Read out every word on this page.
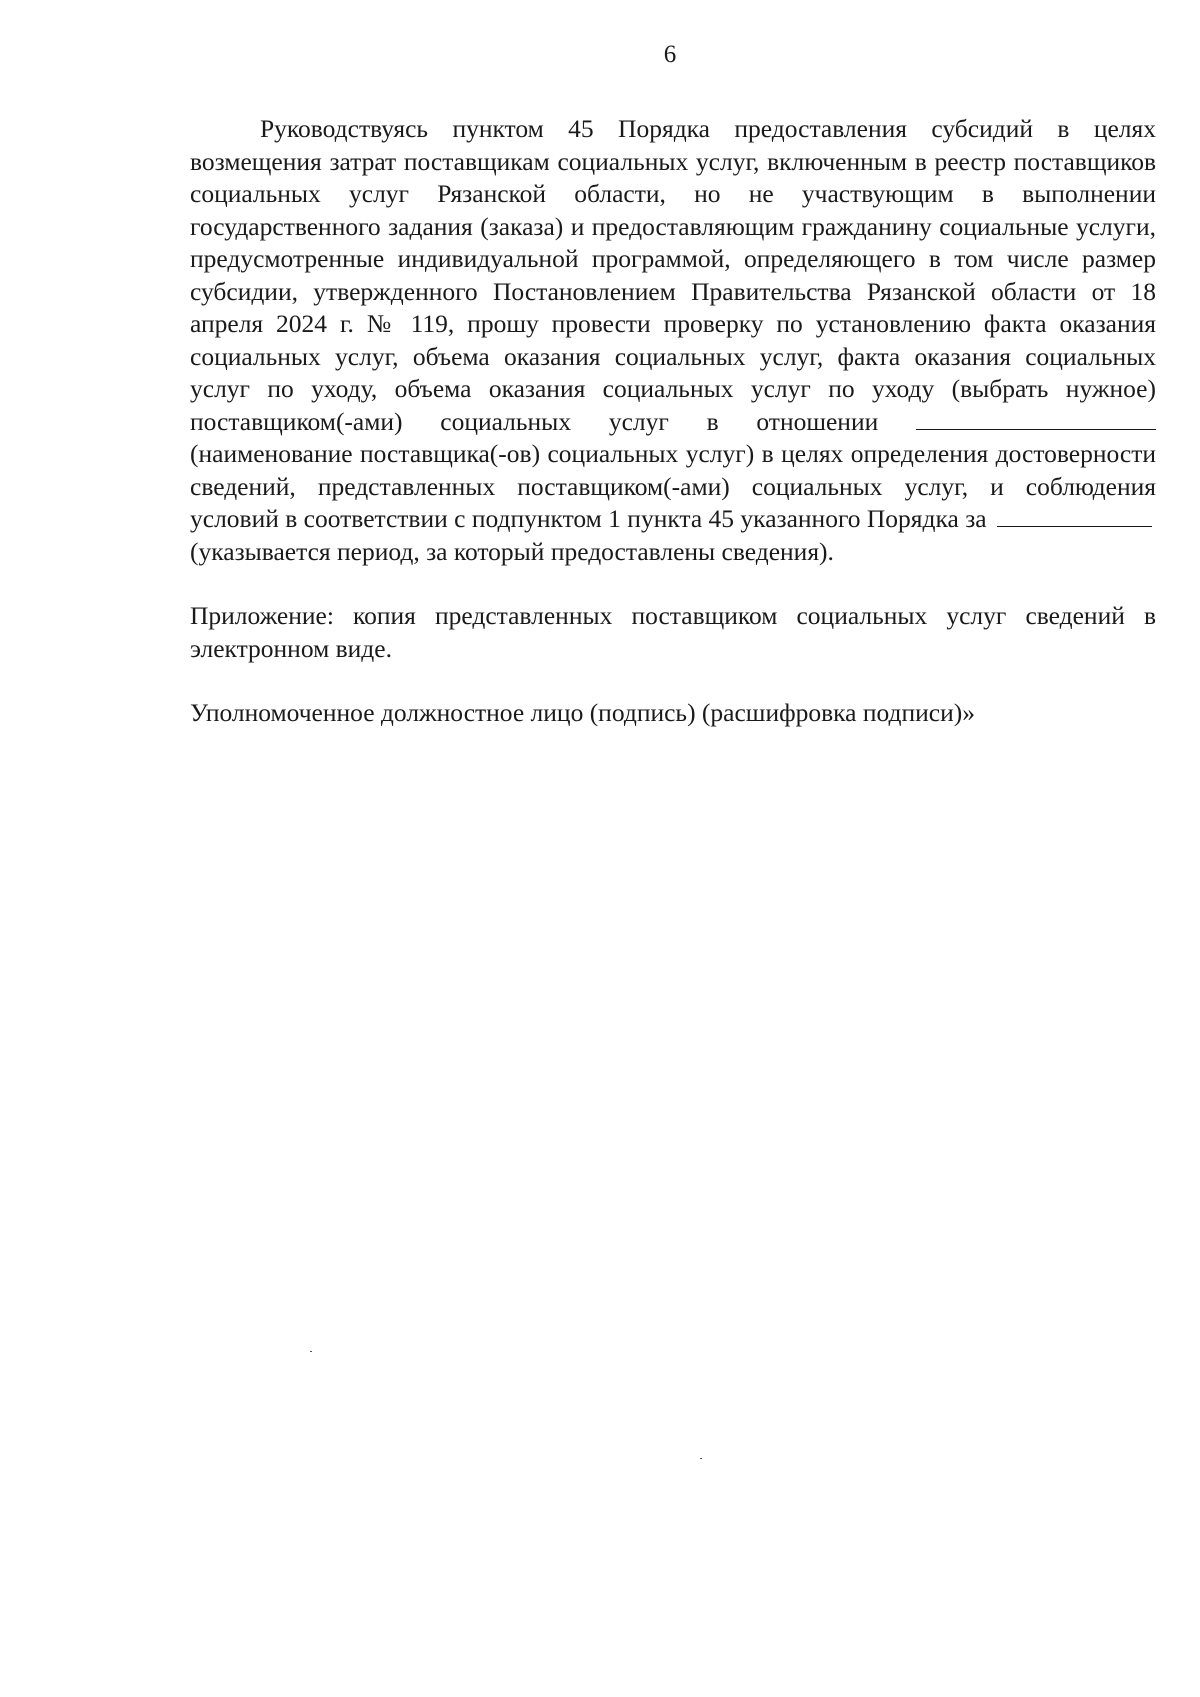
6

Руководствуясь пунктом 45 Порядка предоставления субсидий в целях возмещения затрат поставщикам социальных услуг, включенным в реестр поставщиков социальных услуг Рязанской области, но не участвующим в выполнении государственного задания (заказа) и предоставляющим гражданину социальные услуги, предусмотренные индивидуальной программой, определяющего в том числе размер субсидии, утвержденного Постановлением Правительства Рязанской области от 18 апреля 2024 г. № 119, прошу провести проверку по установлению факта оказания социальных услуг, объема оказания социальных услуг, факта оказания социальных услуг по уходу, объема оказания социальных услуг по уходу (выбрать нужное) поставщиком(-ами) социальных услуг в отношении  (наименование поставщика(-ов) социальных услуг) в целях определения достоверности сведений, представленных поставщиком(-ами) социальных услуг, и соблюдения условий в соответствии с подпунктом 1 пункта 45 указанного Порядка за  (указывается период, за который предоставлены сведения).

Приложение: копия представленных поставщиком социальных услуг сведений в электронном виде.

Уполномоченное должностное лицо (подпись) (расшифровка подписи)»
